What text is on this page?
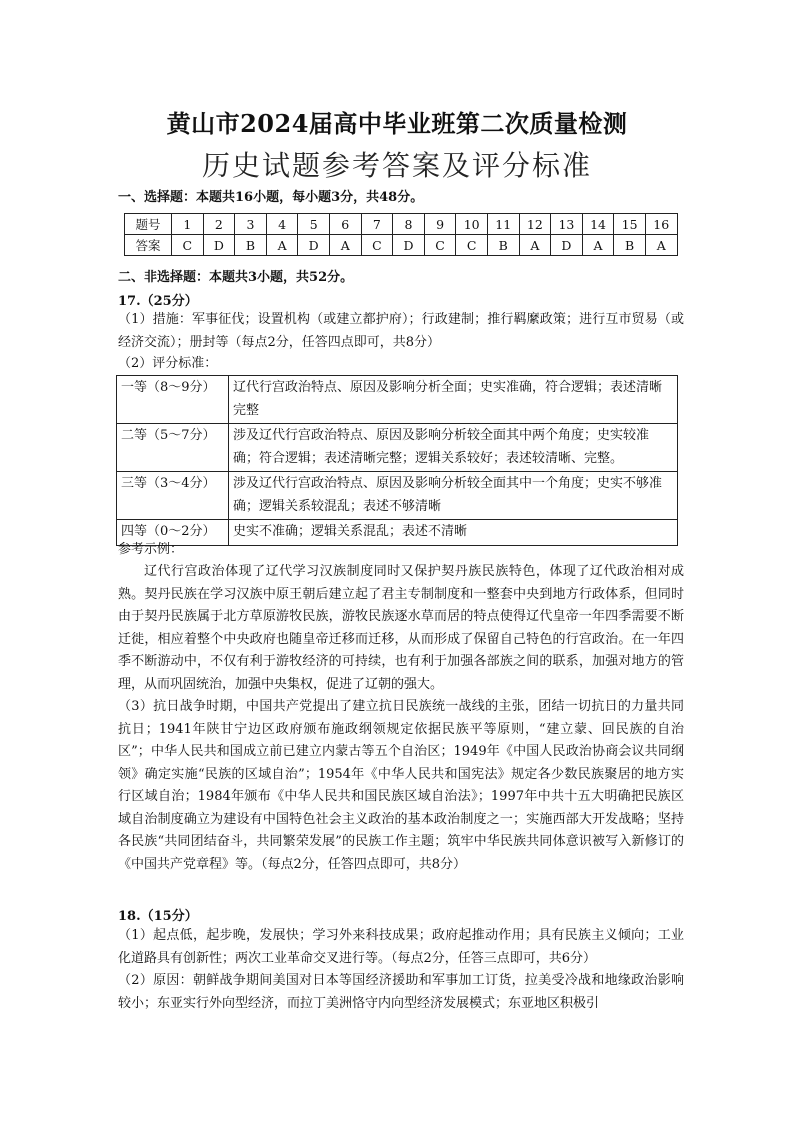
黄山市2024届高中毕业班第二次质量检测
历史试题参考答案及评分标准
一、选择题：本题共16小题，每小题3分，共48分。
题号	1	2	3	4	5	6	7	8	9	10	11	12	13	14	15	16
答案	C	D	B	A	D	A	C	D	C	C	B	A	D	A	B	A
二、非选择题：本题共3小题，共52分。
17.（25分）
（1）措施：军事征伐；设置机构（或建立都护府）；行政建制；推行羁縻政策；进行互市贸易（或经济交流）；册封等（每点2分，任答四点即可，共8分）
（2）评分标准：
一等（8～9分）	辽代行宫政治特点、原因及影响分析全面；史实准确，符合逻辑；表述清晰完整
二等（5～7分）	涉及辽代行宫政治特点、原因及影响分析较全面其中两个角度；史实较准确；符合逻辑；表述清晰完整；逻辑关系较好；表述较清晰、完整。
三等（3～4分）	涉及辽代行宫政治特点、原因及影响分析较全面其中一个角度；史实不够准确；逻辑关系较混乱；表述不够清晰
四等（0～2分）	史实不准确；逻辑关系混乱；表述不清晰
参考示例：
辽代行宫政治体现了辽代学习汉族制度同时又保护契丹族民族特色，体现了辽代政治相对成熟。契丹民族在学习汉族中原王朝后建立起了君主专制制度和一整套中央到地方行政体系，但同时由于契丹民族属于北方草原游牧民族，游牧民族逐水草而居的特点使得辽代皇帝一年四季需要不断迁徙，相应着整个中央政府也随皇帝迁移而迁移，从而形成了保留自己特色的行宫政治。在一年四季不断游动中，不仅有利于游牧经济的可持续，也有利于加强各部族之间的联系，加强对地方的管理，从而巩固统治，加强中央集权，促进了辽朝的强大。
（3）抗日战争时期，中国共产党提出了建立抗日民族统一战线的主张，团结一切抗日的力量共同抗日；1941年陕甘宁边区政府颁布施政纲领规定依据民族平等原则，“建立蒙、回民族的自治区”；中华人民共和国成立前已建立内蒙古等五个自治区；1949年《中国人民政治协商会议共同纲领》确定实施“民族的区域自治”；1954年《中华人民共和国宪法》规定各少数民族聚居的地方实行区域自治；1984年颁布《中华人民共和国民族区域自治法》；1997年中共十五大明确把民族区域自治制度确立为建设有中国特色社会主义政治的基本政治制度之一；实施西部大开发战略；坚持各民族“共同团结奋斗，共同繁荣发展”的民族工作主题；筑牢中华民族共同体意识被写入新修订的《中国共产党章程》等。（每点2分，任答四点即可，共8分）
18.（15分）
（1）起点低，起步晚，发展快；学习外来科技成果；政府起推动作用；具有民族主义倾向；工业化道路具有创新性；两次工业革命交叉进行等。（每点2分，任答三点即可，共6分）
（2）原因：朝鲜战争期间美国对日本等国经济援助和军事加工订货，拉美受冷战和地缘政治影响较小；东亚实行外向型经济，而拉丁美洲恪守内向型经济发展模式；东亚地区积极引
